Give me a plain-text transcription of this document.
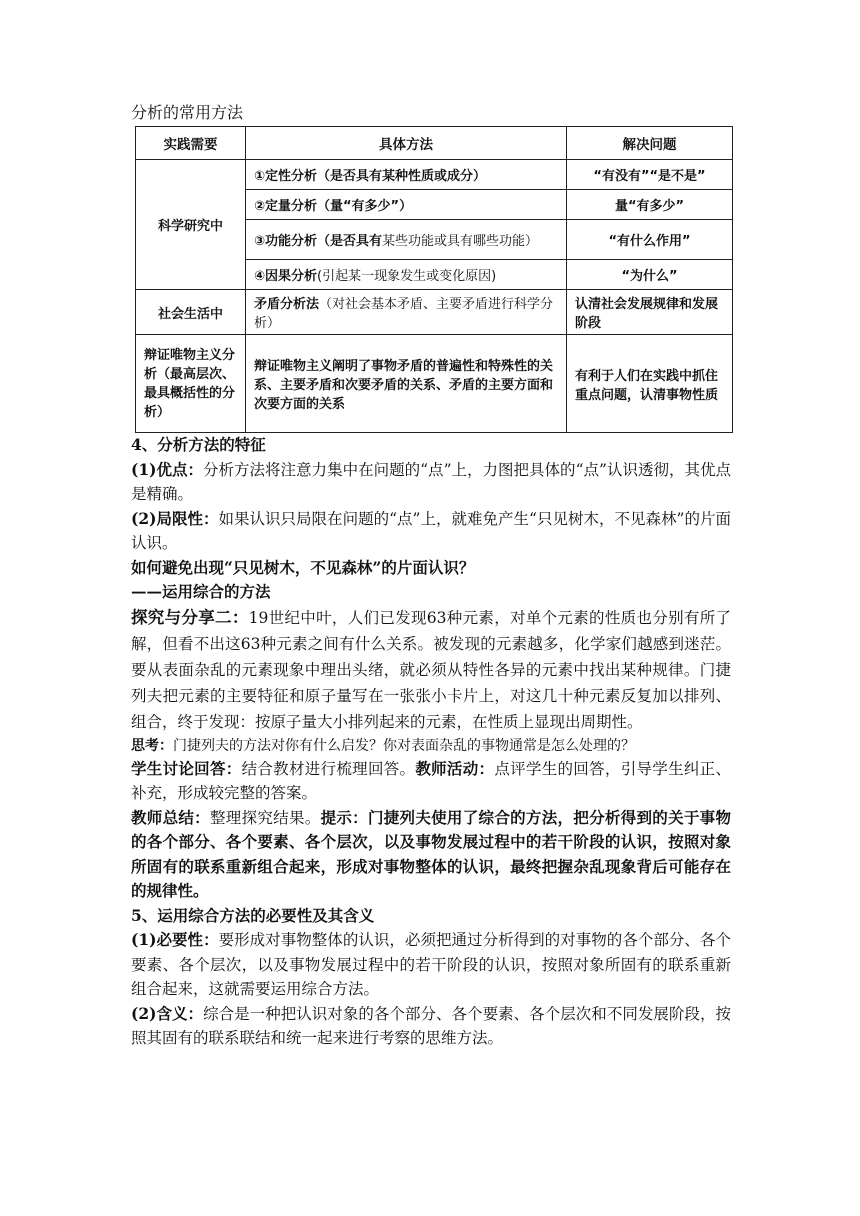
分析的常用方法
实践需要	具体方法	解决问题
科学研究中	①定性分析（是否具有某种性质或成分）	“有没有”“是不是”
	②定量分析（量“有多少”）	量“有多少”
	③功能分析（是否具有某些功能或具有哪些功能）	“有什么作用”
	④因果分析(引起某一现象发生或变化原因)	“为什么”
社会生活中	矛盾分析法（对社会基本矛盾、主要矛盾进行科学分析）	认清社会发展规律和发展阶段
辩证唯物主义分析（最高层次、最具概括性的分析）	辩证唯物主义阐明了事物矛盾的普遍性和特殊性的关系、主要矛盾和次要矛盾的关系、矛盾的主要方面和次要方面的关系	有利于人们在实践中抓住重点问题，认清事物性质

4、分析方法的特征

(1)优点：分析方法将注意力集中在问题的“点”上，力图把具体的“点”认识透彻，其优点是精确。

(2)局限性：如果认识只局限在问题的“点”上，就难免产生“只见树木，不见森林”的片面认识。

如何避免出现“只见树木，不见森林”的片面认识？

——运用综合的方法

探究与分享二：19世纪中叶，人们已发现63种元素，对单个元素的性质也分别有所了解，但看不出这63种元素之间有什么关系。被发现的元素越多，化学家们越感到迷茫。要从表面杂乱的元素现象中理出头绪，就必须从特性各异的元素中找出某种规律。门捷列夫把元素的主要特征和原子量写在一张张小卡片上，对这几十种元素反复加以排列、组合，终于发现：按原子量大小排列起来的元素，在性质上显现出周期性。

思考：门捷列夫的方法对你有什么启发？你对表面杂乱的事物通常是怎么处理的？

学生讨论回答：结合教材进行梳理回答。教师活动：点评学生的回答，引导学生纠正、补充，形成较完整的答案。

教师总结：整理探究结果。提示：门捷列夫使用了综合的方法，把分析得到的关于事物的各个部分、各个要素、各个层次，以及事物发展过程中的若干阶段的认识，按照对象所固有的联系重新组合起来，形成对事物整体的认识，最终把握杂乱现象背后可能存在的规律性。

5、运用综合方法的必要性及其含义

(1)必要性：要形成对事物整体的认识，必须把通过分析得到的对事物的各个部分、各个要素、各个层次，以及事物发展过程中的若干阶段的认识，按照对象所固有的联系重新组合起来，这就需要运用综合方法。

(2)含义：综合是一种把认识对象的各个部分、各个要素、各个层次和不同发展阶段，按照其固有的联系联结和统一起来进行考察的思维方法。
